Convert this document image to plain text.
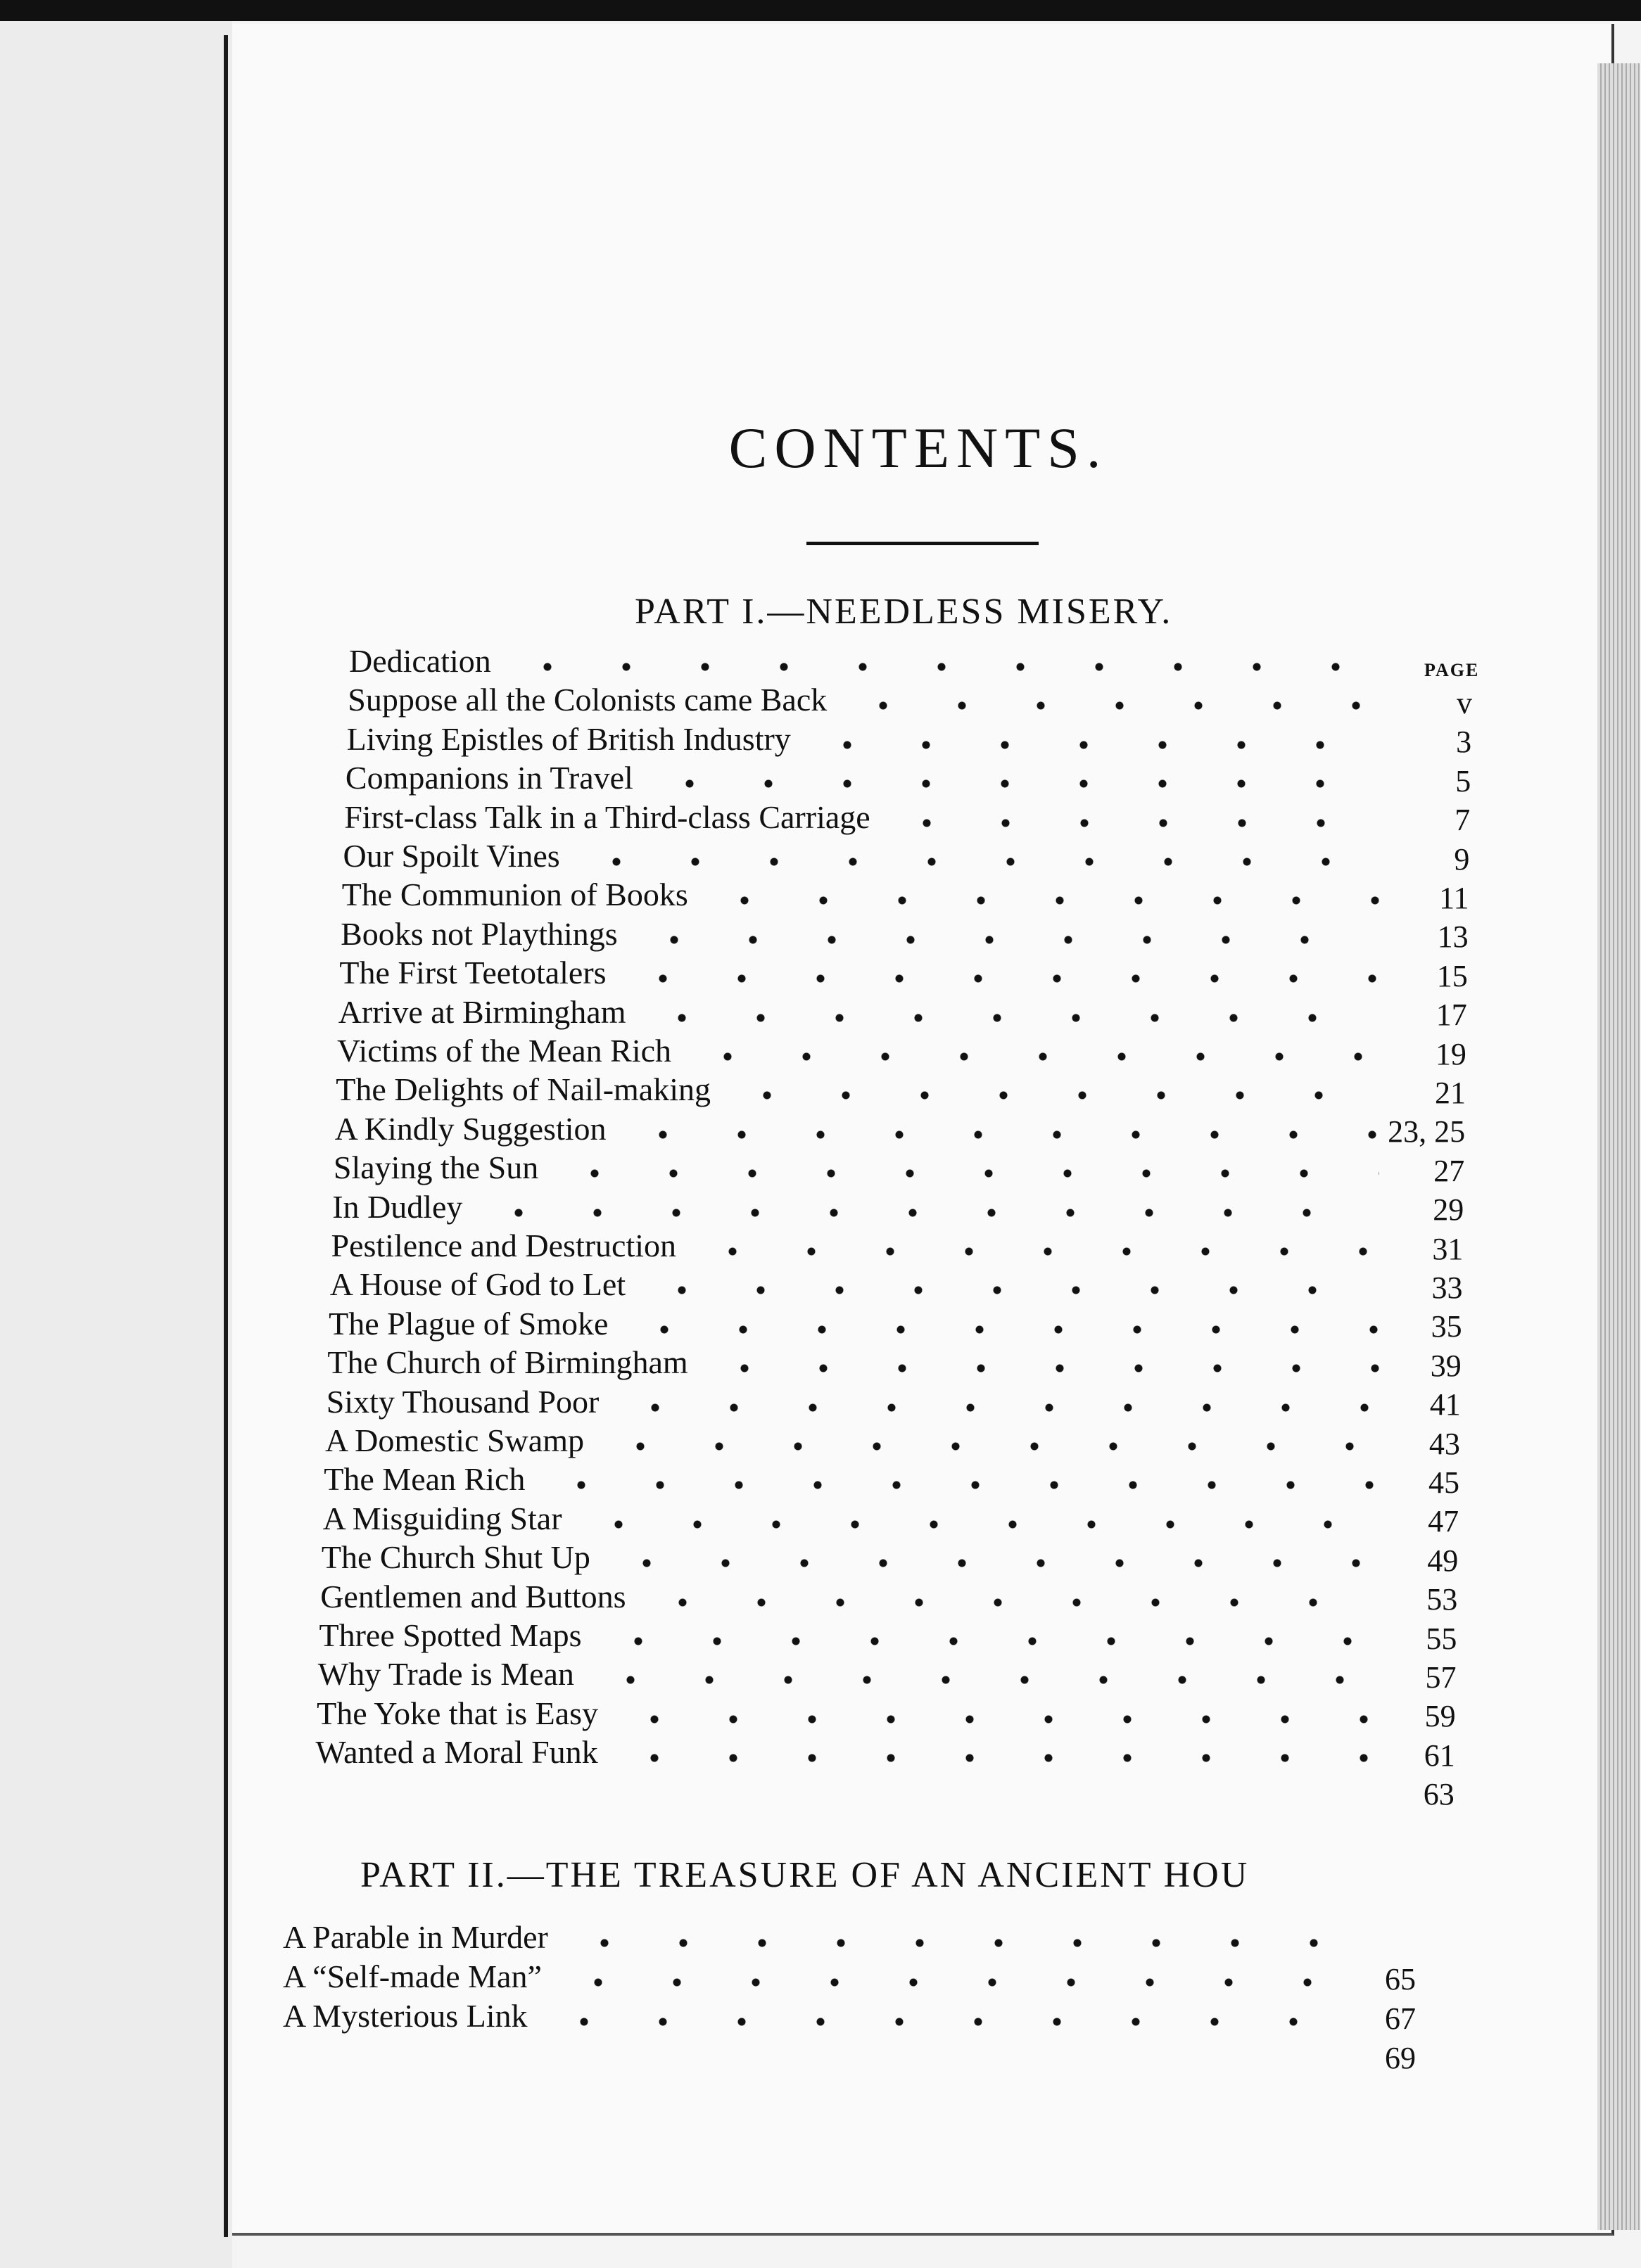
CONTENTS.
PART I.—NEEDLESS MISERY.
PAGE
Dedication
Suppose all the Colonists came Back
Living Epistles of British Industry
Companions in Travel
First-class Talk in a Third-class Carriage
Our Spoilt Vines
The Communion of Books
Books not Playthings
The First Teetotalers
Arrive at Birmingham
Victims of the Mean Rich
The Delights of Nail-making
A Kindly Suggestion
Slaying the Sun
In Dudley
Pestilence and Destruction
A House of God to Let
The Plague of Smoke
The Church of Birmingham
Sixty Thousand Poor
A Domestic Swamp
The Mean Rich
A Misguiding Star
The Church Shut Up
Gentlemen and Buttons
Three Spotted Maps
Why Trade is Mean
The Yoke that is Easy
Wanted a Moral Funk
v
3
5
7
9
11
13
15
17
19
21
23, 25
27
29
31
33
35
39
41
43
45
47
49
53
55
57
59
61
63
PART II.—THE TREASURE OF AN ANCIENT HOU
A Parable in Murder
A “Self-made Man”
A Mysterious Link
65
67
69
